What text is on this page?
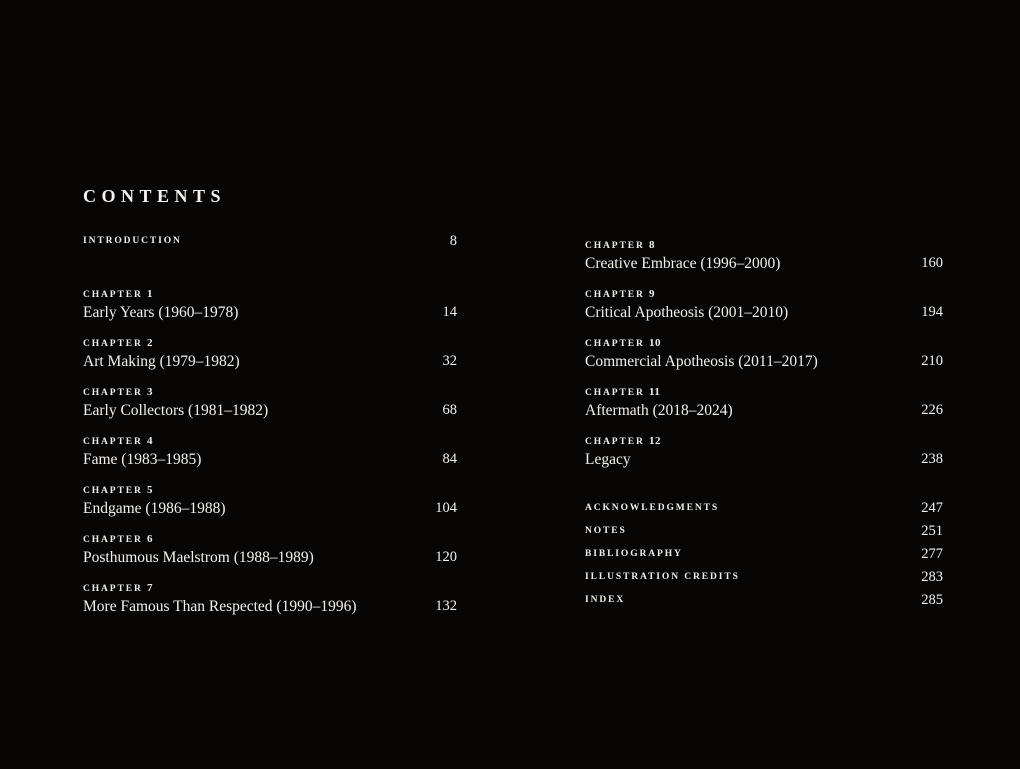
CONTENTS
INTRODUCTION	8
CHAPTER 1
Early Years (1960–1978)	14
CHAPTER 2
Art Making (1979–1982)	32
CHAPTER 3
Early Collectors (1981–1982)	68
CHAPTER 4
Fame (1983–1985)	84
CHAPTER 5
Endgame (1986–1988)	104
CHAPTER 6
Posthumous Maelstrom (1988–1989)	120
CHAPTER 7
More Famous Than Respected (1990–1996)	132
CHAPTER 8
Creative Embrace (1996–2000)	160
CHAPTER 9
Critical Apotheosis (2001–2010)	194
CHAPTER 10
Commercial Apotheosis (2011–2017)	210
CHAPTER 11
Aftermath (2018–2024)	226
CHAPTER 12
Legacy	238
ACKNOWLEDGMENTS	247
NOTES	251
BIBLIOGRAPHY	277
ILLUSTRATION CREDITS	283
INDEX	285
